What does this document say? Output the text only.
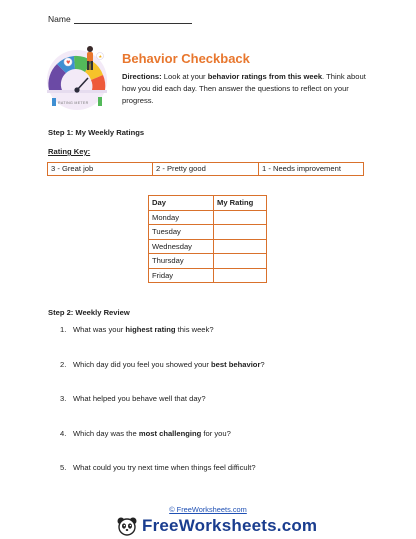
Name
♥
★
RATING METER
Behavior Checkback
Directions: Look at your behavior ratings from this week. Think about how you did each day. Then answer the questions to reflect on your progress.
Step 1: My Weekly Ratings
Rating Key:
3 - Great job	2 - Pretty good	1 - Needs improvement
Day	My Rating
Monday	
Tuesday	
Wednesday	
Thursday	
Friday	
Step 2: Weekly Review
1. What was your highest rating this week?
2. Which day did you feel you showed your best behavior?
3. What helped you behave well that day?
4. Which day was the most challenging for you?
5. What could you try next time when things feel difficult?
© FreeWorksheets.com
FreeWorksheets.com
